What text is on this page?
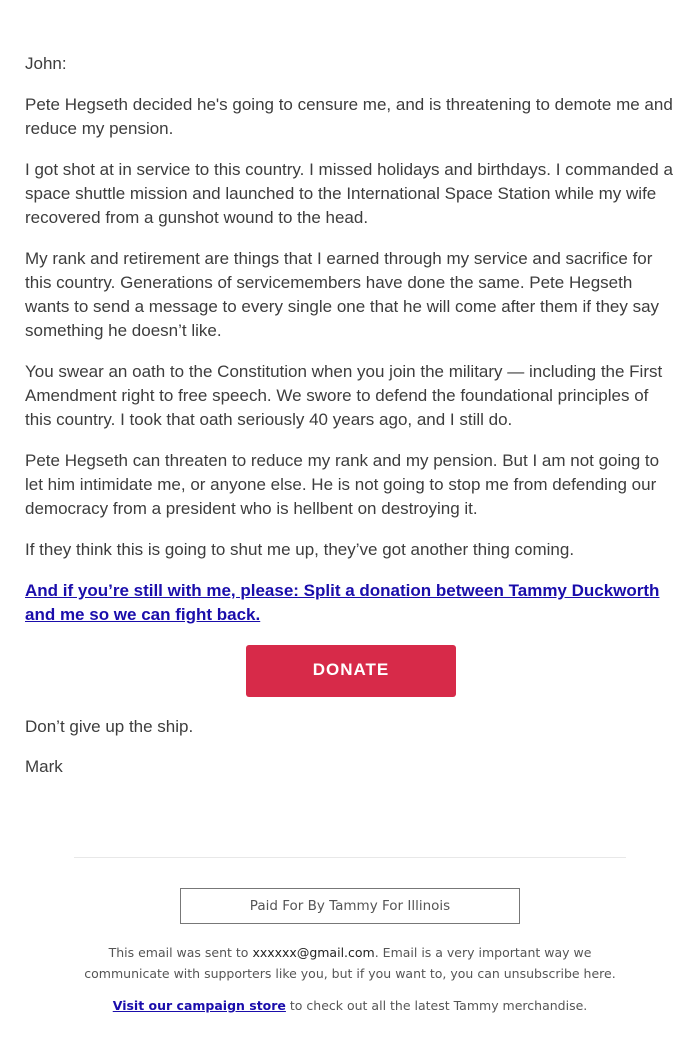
John:

Pete Hegseth decided he's going to censure me, and is threatening to demote me and reduce my pension.

I got shot at in service to this country. I missed holidays and birthdays. I commanded a space shuttle mission and launched to the International Space Station while my wife recovered from a gunshot wound to the head.

My rank and retirement are things that I earned through my service and sacrifice for this country. Generations of servicemembers have done the same. Pete Hegseth wants to send a message to every single one that he will come after them if they say something he doesn’t like.

You swear an oath to the Constitution when you join the military — including the First Amendment right to free speech. We swore to defend the foundational principles of this country. I took that oath seriously 40 years ago, and I still do.

Pete Hegseth can threaten to reduce my rank and my pension. But I am not going to let him intimidate me, or anyone else. He is not going to stop me from defending our democracy from a president who is hellbent on destroying it.

If they think this is going to shut me up, they’ve got another thing coming.

And if you’re still with me, please: Split a donation between Tammy Duckworth and me so we can fight back.
DONATE

Don’t give up the ship.

Mark

Paid For By Tammy For Illinois
This email was sent to xxxxxx@gmail.com. Email is a very important way we communicate with supporters like you, but if you want to, you can unsubscribe here.
Visit our campaign store to check out all the latest Tammy merchandise.
